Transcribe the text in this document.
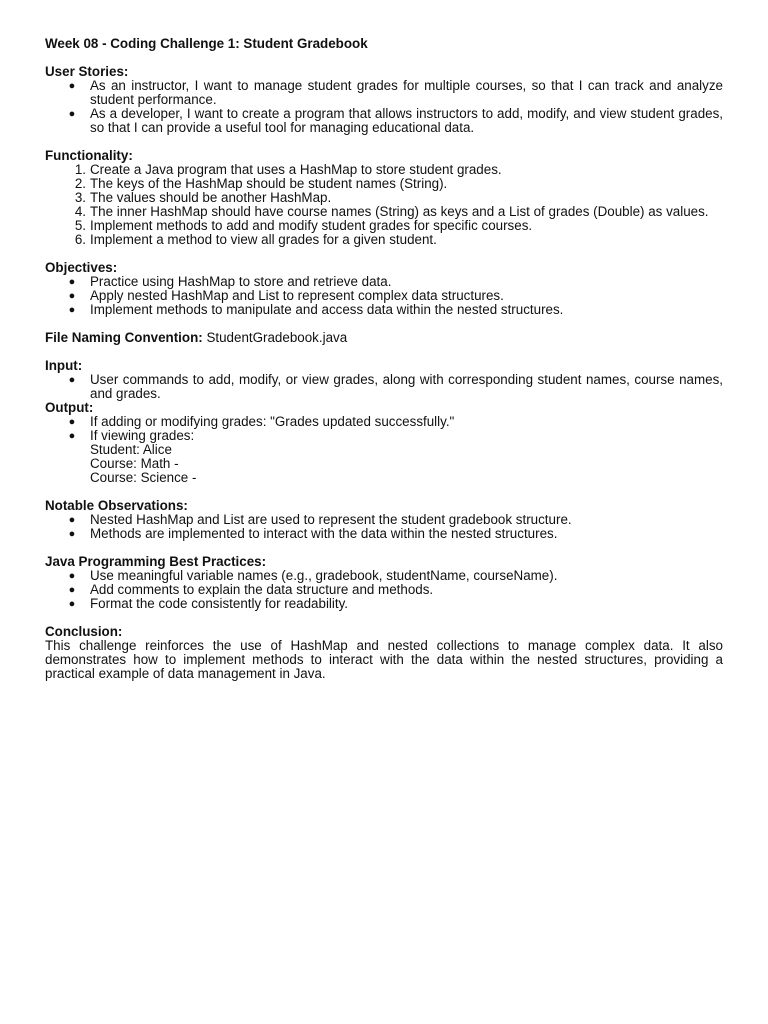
Week 08 - Coding Challenge 1: Student Gradebook
User Stories:
● As an instructor, I want to manage student grades for multiple courses, so that I can track and analyze student performance.
● As a developer, I want to create a program that allows instructors to add, modify, and view student grades, so that I can provide a useful tool for managing educational data.
Functionality:
1. Create a Java program that uses a HashMap to store student grades.
2. The keys of the HashMap should be student names (String).
3. The values should be another HashMap.
4. The inner HashMap should have course names (String) as keys and a List of grades (Double) as values.
5. Implement methods to add and modify student grades for specific courses.
6. Implement a method to view all grades for a given student.
Objectives:
● Practice using HashMap to store and retrieve data.
● Apply nested HashMap and List to represent complex data structures.
● Implement methods to manipulate and access data within the nested structures.
File Naming Convention: StudentGradebook.java
Input:
● User commands to add, modify, or view grades, along with corresponding student names, course names, and grades.
Output:
● If adding or modifying grades: "Grades updated successfully."
● If viewing grades:
Student: Alice
Course: Math -
Course: Science -
Notable Observations:
● Nested HashMap and List are used to represent the student gradebook structure.
● Methods are implemented to interact with the data within the nested structures.
Java Programming Best Practices:
● Use meaningful variable names (e.g., gradebook, studentName, courseName).
● Add comments to explain the data structure and methods.
● Format the code consistently for readability.
Conclusion:

This challenge reinforces the use of HashMap and nested collections to manage complex data. It also demonstrates how to implement methods to interact with the data within the nested structures, providing a practical example of data management in Java.
